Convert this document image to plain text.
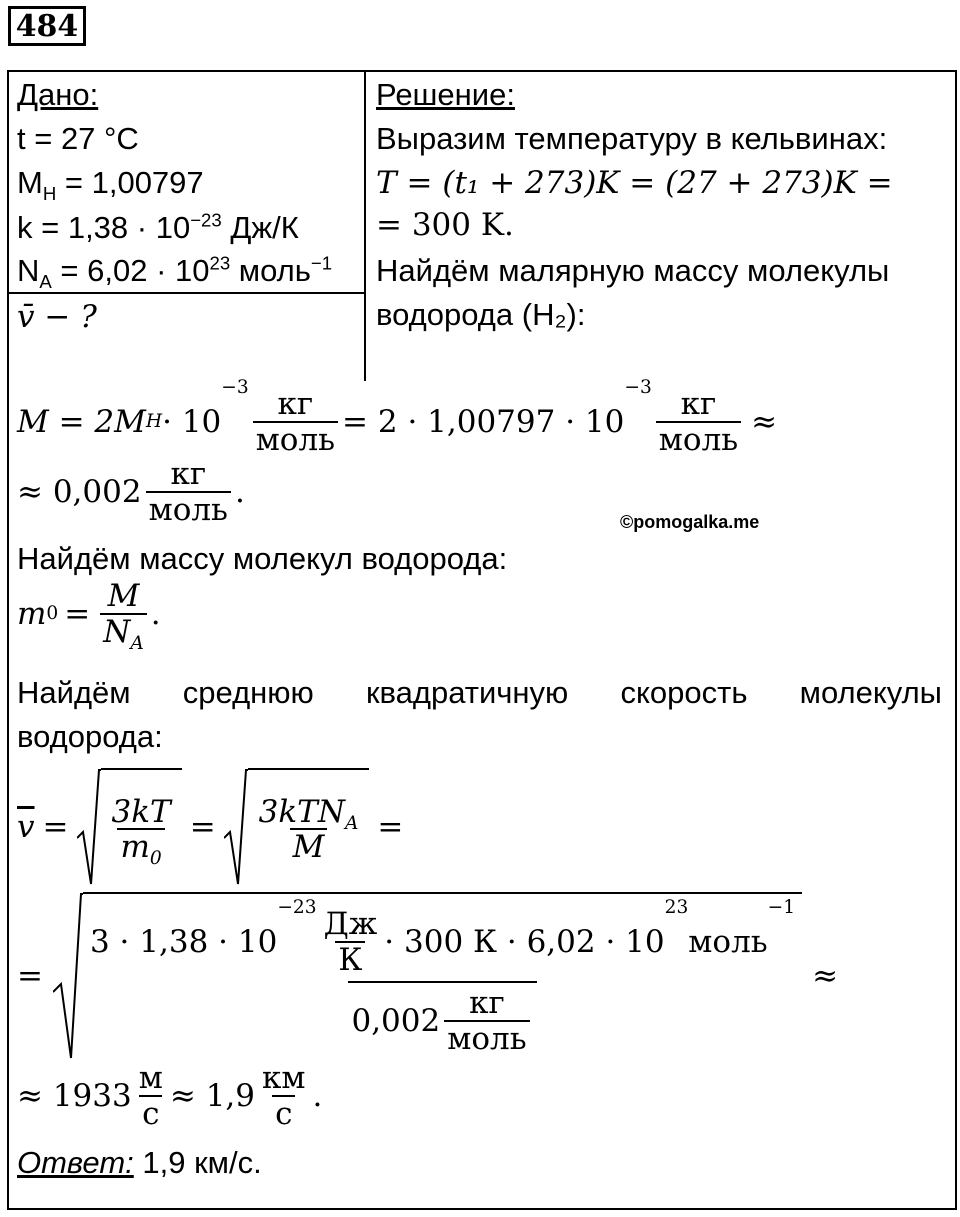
484
Дано:
t = 27 °C
$M_H = 1,00797$
$k = 1,38 \cdot 10^{-23}$ Дж/К
$N_A = 6,02 \cdot 10^{23}$ моль$^{-1}$
v̄ − ?
Решение:
Выразим температуру в кельвинах:
T = (t₁ + 273)K = (27 + 273)K =
= 300 K.
Найдём малярную массу молекулы
водорода (H₂):
M = 2M H · 10
−3
$\frac{кг}{\text{моль}} = 2 \cdot 1,00797 \cdot 10$
−3
$\frac{кг}{\text{моль}}$ ≈
≈ $0,002 \frac{кг}{\text{моль}}$ .
©pomogalka.me
Найдём массу молекул водорода:
m $0 = \frac{M}{N_A}$ .
Найдём среднюю квадратичную скорость молекулы
водорода:
$\overline{v} = \frac{3kT}{m_0} = \frac{3kTN_A}{M}$ =
=
3 · 1,38 · 10
−23
$\frac{Дж}{К} \cdot 300$ К · 6,02 · 10
23
моль
−1
$0,002 \frac{кг}{\text{моль}}$
≈
≈ $1933 \frac{м}{с} \approx 1,9 \frac{км}{с}$ .
Ответ: 1,9 км/с.
